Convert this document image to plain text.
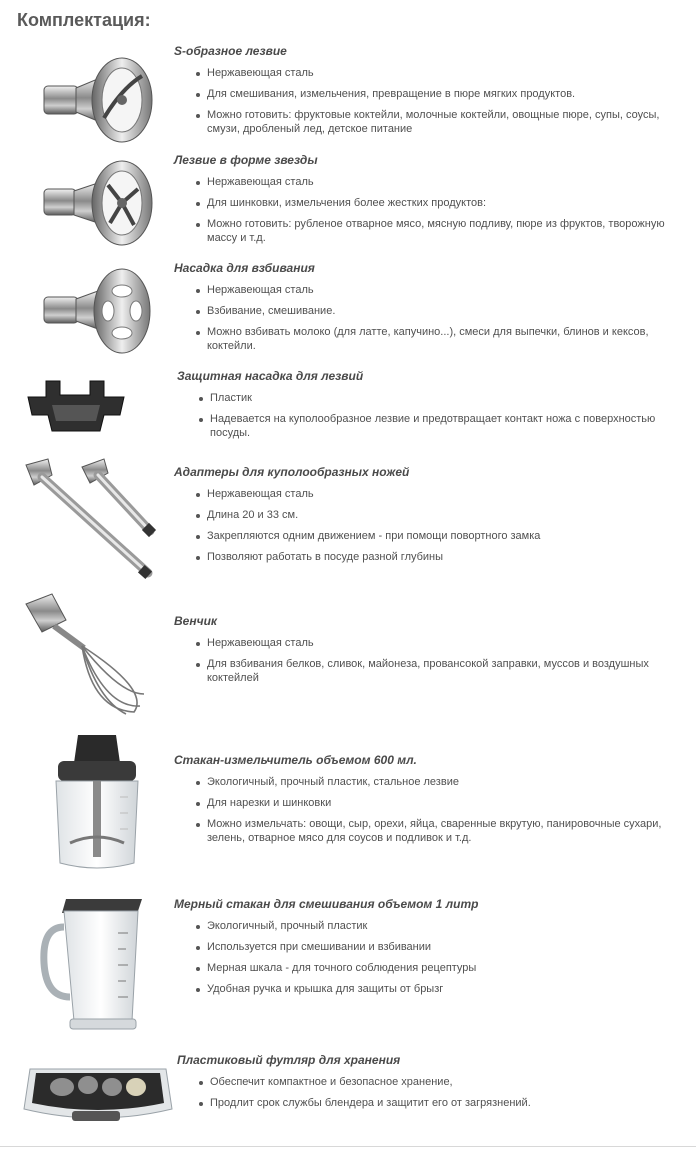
Комплектация:
S-образное лезвие
Нержавеющая сталь
Для смешивания, измельчения, превращение в пюре мягких продуктов.
Можно готовить: фруктовые коктейли, молочные коктейли, овощные пюре, супы, соусы, смузи, дробленый лед, детское питание
Лезвие в форме звезды
Нержавеющая сталь
Для шинковки, измельчения более жестких продуктов:
Можно готовить: рубленое отварное мясо, мясную подливу, пюре из фруктов, творожную массу и т.д.
Насадка для взбивания
Нержавеющая сталь
Взбивание, смешивание.
Можно взбивать молоко (для латте, капучино...), смеси для выпечки, блинов и кексов, коктейли.
Защитная насадка для лезвий
Пластик
Надевается на куполообразное лезвие и предотвращает контакт ножа с поверхностью посуды.
Адаптеры для куполообразных ножей
Нержавеющая сталь
Длина 20 и 33 см.
Закрепляются одним движением - при помощи повортного замка
Позволяют работать в посуде разной глубины
Венчик
Нержавеющая сталь
Для взбивания белков, сливок, майонеза, провансокой заправки, муссов и воздушных коктейлей
Стакан-измельчитель объемом 600 мл.
Экологичный, прочный пластик, стальное лезвие
Для нарезки и шинковки
Можно измельчать: овощи, сыр, орехи, яйца, сваренные вкрутую, панировочные сухари, зелень, отварное мясо для соусов и подливок и т.д.
Мерный стакан для смешивания объемом 1 литр
Экологичный, прочный пластик
Используется при смешивании и взбивании
Мерная шкала - для точного соблюдения рецептуры
Удобная ручка и крышка для защиты от брызг
Пластиковый футляр для хранения
Обеспечит компактное и безопасное хранение,
Продлит срок службы блендера и защитит его от загрязнений.
